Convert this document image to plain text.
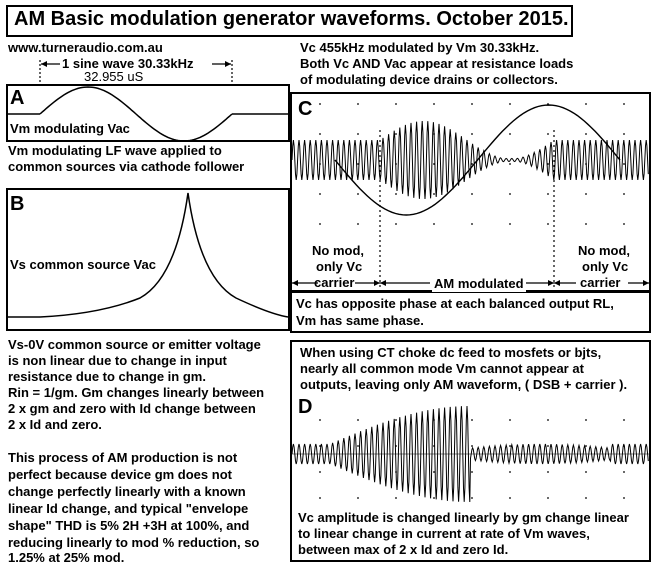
AM Basic modulation generator waveforms. October 2015.
www.turneraudio.com.au
1 sine wave 30.33kHz
32.955 uS
A
Vm modulating Vac
Vm modulating LF wave applied to
common sources via cathode follower
B
Vs common source Vac
Vs-0V common source or emitter voltage
is non linear due to change in input
resistance due to change in gm.
Rin = 1/gm. Gm changes linearly between
2 x gm and zero with Id change between
2 x Id and zero.
This process of AM production is not
perfect because device gm does not
change perfectly linearly with a known
linear Id change, and typical "envelope
shape" THD is 5% 2H +3H at 100%, and
reducing linearly to mod % reduction, so
1.25% at 25% mod.
Vc 455kHz modulated by Vm 30.33kHz.
Both Vc AND Vac appear at resistance loads
of modulating device drains or collectors.
C
No mod,
only Vc
carrier	AM modulated
No mod,
only Vc
carrier
Vc has opposite phase at each balanced output RL,
Vm has same phase.
When using CT choke dc feed to mosfets or bjts,
nearly all common mode Vm cannot appear at
outputs, leaving only AM waveform, ( DSB + carrier ).
D
Vc amplitude is changed linearly by gm change linear
to linear change in current at rate of Vm waves,
between max of 2 x Id and zero Id.
